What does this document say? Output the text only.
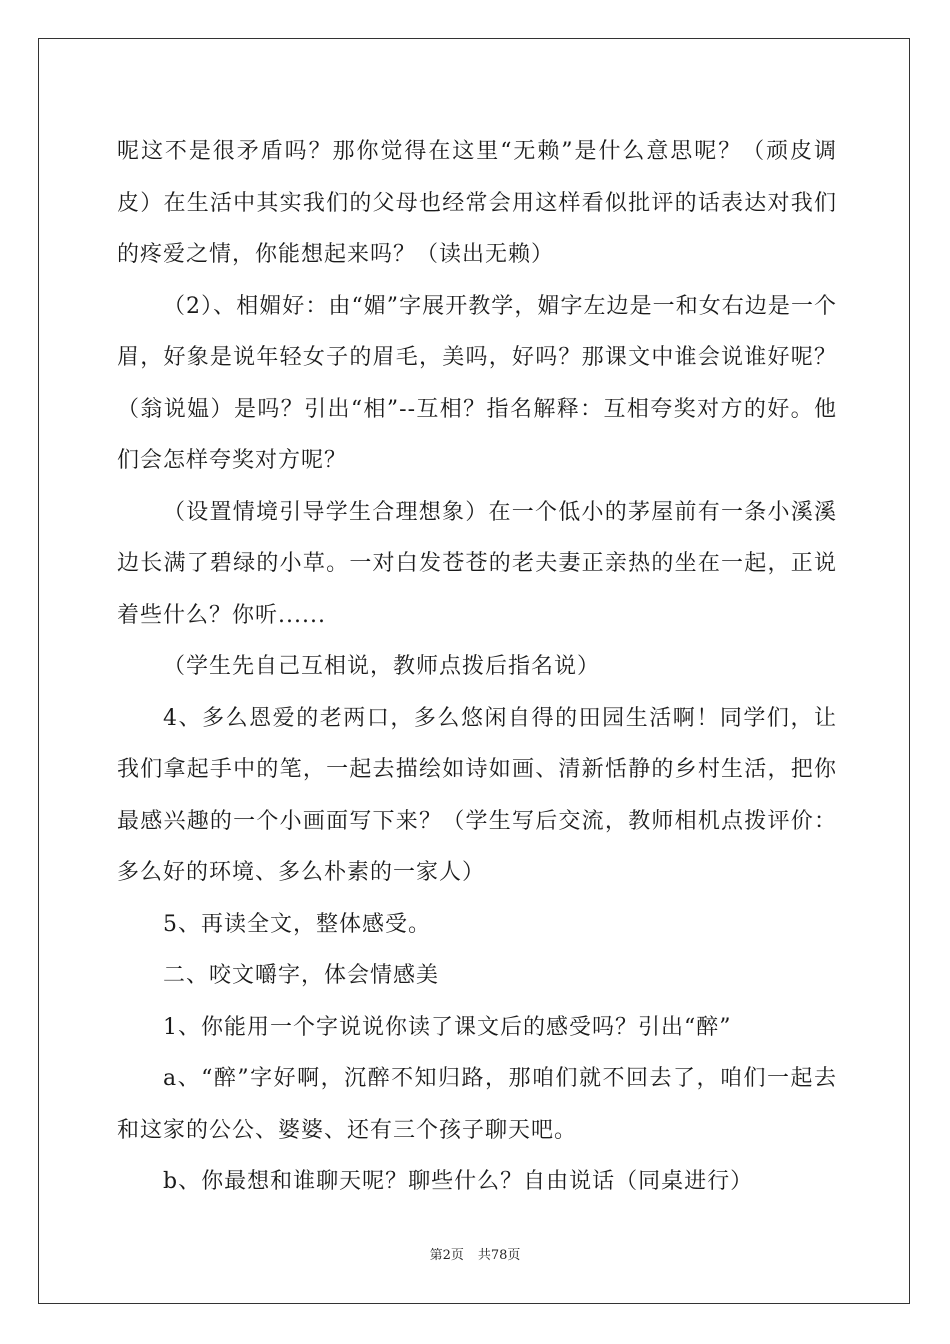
呢这不是很矛盾吗？那你觉得在这里“无赖”是什么意思呢？（顽皮调皮）在生活中其实我们的父母也经常会用这样看似批评的话表达对我们的疼爱之情，你能想起来吗？（读出无赖）

（2）、相媚好：由“媚”字展开教学，媚字左边是一和女右边是一个眉，好象是说年轻女子的眉毛，美吗，好吗？那课文中谁会说谁好呢？（翁说媪）是吗？引出“相”--互相？指名解释：互相夸奖对方的好。他们会怎样夸奖对方呢？

（设置情境引导学生合理想象）在一个低小的茅屋前有一条小溪溪边长满了碧绿的小草。一对白发苍苍的老夫妻正亲热的坐在一起，正说着些什么？你听......

（学生先自己互相说，教师点拨后指名说）

4、多么恩爱的老两口，多么悠闲自得的田园生活啊！同学们，让我们拿起手中的笔，一起去描绘如诗如画、清新恬静的乡村生活，把你最感兴趣的一个小画面写下来？（学生写后交流，教师相机点拨评价：多么好的环境、多么朴素的一家人）

5、再读全文，整体感受。

二、咬文嚼字，体会情感美

1、你能用一个字说说你读了课文后的感受吗？引出“醉”

a、“醉”字好啊，沉醉不知归路，那咱们就不回去了，咱们一起去和这家的公公、婆婆、还有三个孩子聊天吧。

b、你最想和谁聊天呢？聊些什么？自由说话（同桌进行）

第2页 共78页
